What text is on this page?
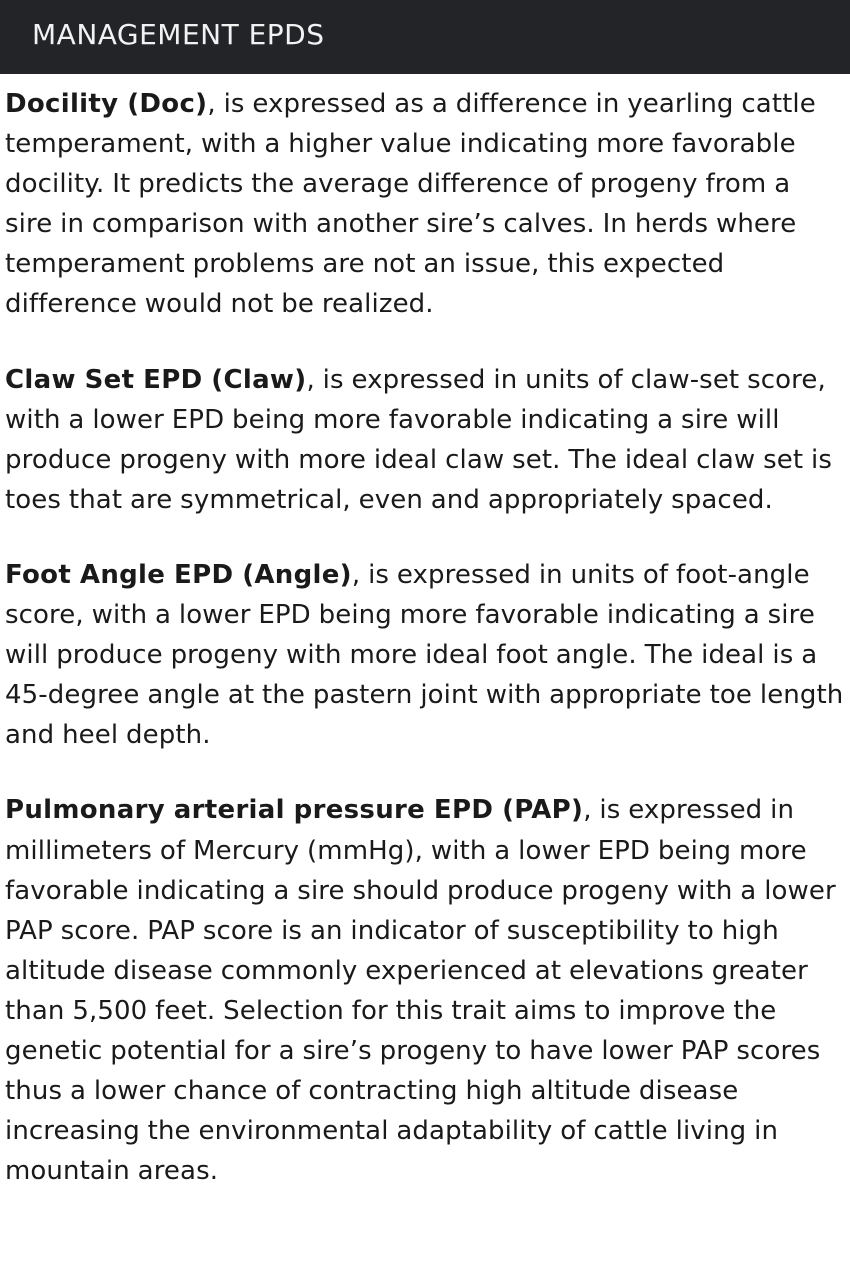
MANAGEMENT EPDS

Docility (Doc), is expressed as a difference in yearling cattle temperament, with a higher value indicating more favorable docility. It predicts the average difference of progeny from a sire in comparison with another sire’s calves. In herds where temperament problems are not an issue, this expected difference would not be realized.

Claw Set EPD (Claw), is expressed in units of claw-set score, with a lower EPD being more favorable indicating a sire will produce progeny with more ideal claw set. The ideal claw set is toes that are symmetrical, even and appropriately spaced.

Foot Angle EPD (Angle), is expressed in units of foot-angle score, with a lower EPD being more favorable indicating a sire will produce progeny with more ideal foot angle. The ideal is a 45-degree angle at the pastern joint with appropriate toe length and heel depth.

Pulmonary arterial pressure EPD (PAP), is expressed in millimeters of Mercury (mmHg), with a lower EPD being more favorable indicating a sire should produce progeny with a lower PAP score. PAP score is an indicator of susceptibility to high altitude disease commonly experienced at elevations greater than 5,500 feet. Selection for this trait aims to improve the genetic potential for a sire’s progeny to have lower PAP scores thus a lower chance of contracting high altitude disease increasing the environmental adaptability of cattle living in mountain areas.
